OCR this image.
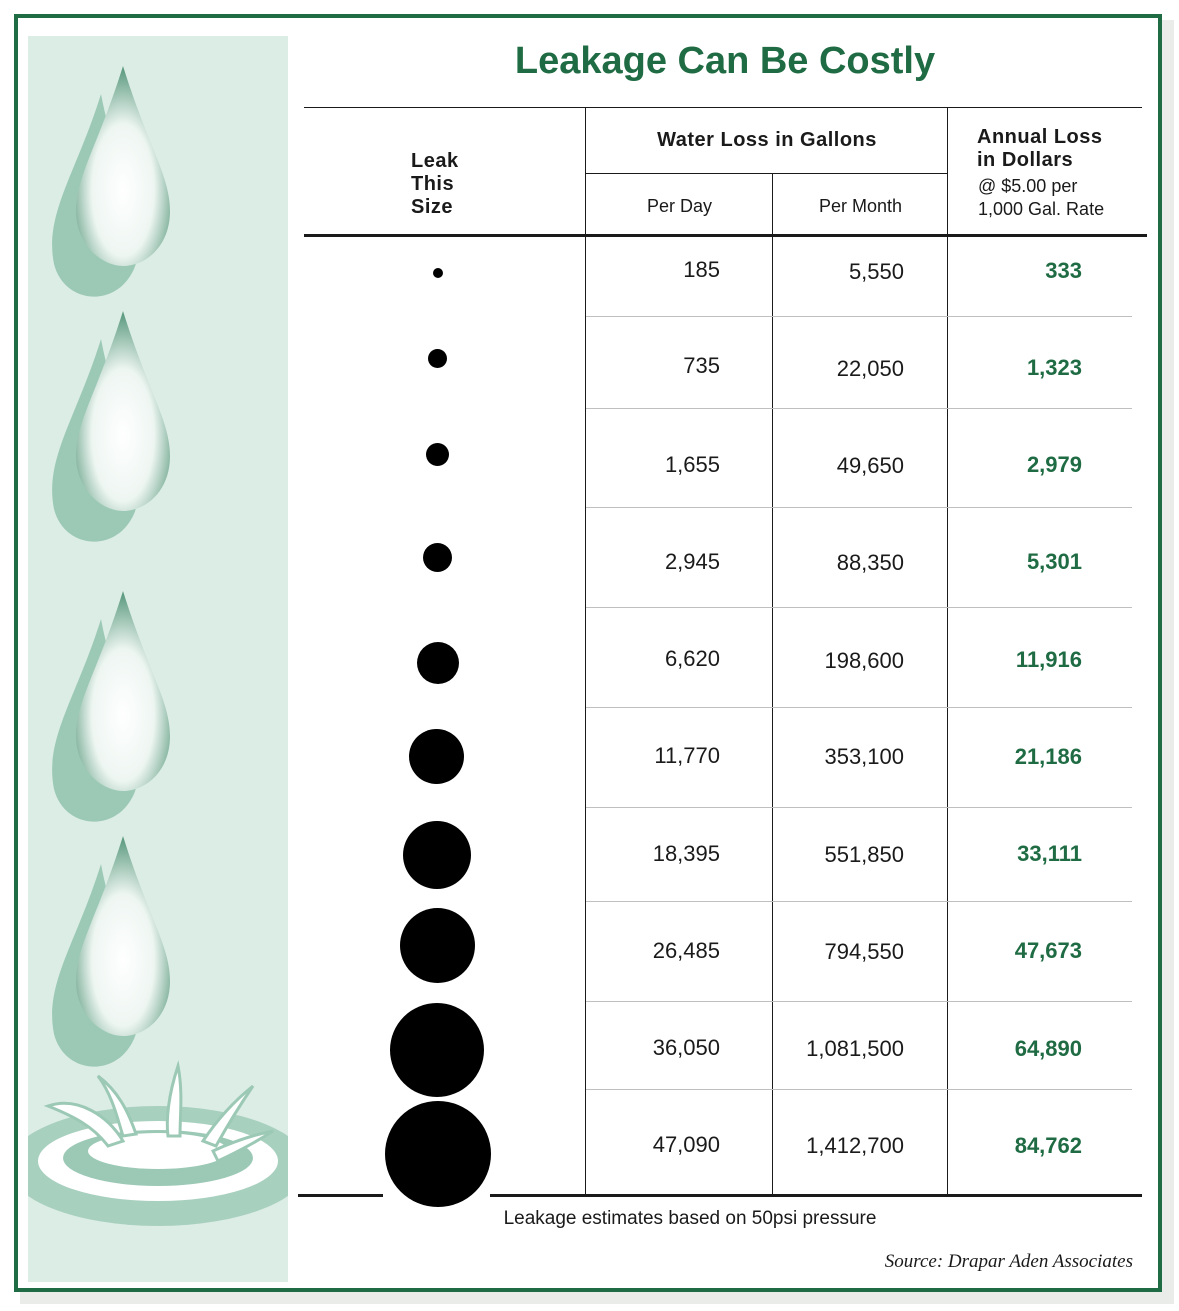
Leakage Can Be Costly
Leak
This
Size
Water Loss in Gallons
Per Day	Per Month
Annual Loss
in Dollars
@ $5.00 per
1,000 Gal. Rate
185	5,550	333
735	22,050	1,323
1,655	49,650	2,979
2,945	88,350	5,301
6,620	198,600	11,916
11,770	353,100	21,186
18,395	551,850	33,111
26,485	794,550	47,673
36,050	1,081,500	64,890
47,090	1,412,700	84,762
Leakage estimates based on 50psi pressure
Source: Drapar Aden Associates
